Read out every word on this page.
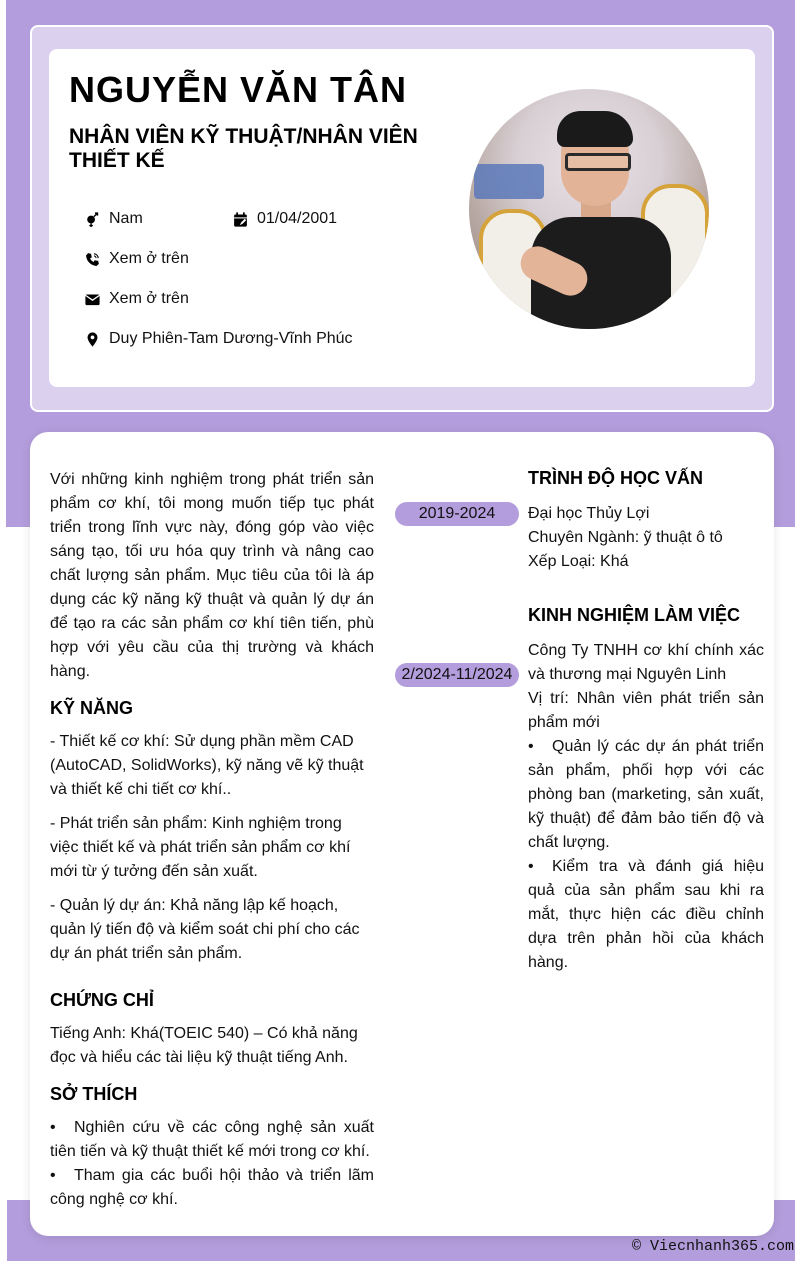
NGUYỄN VĂN TÂN
NHÂN VIÊN KỸ THUẬT/NHÂN VIÊN THIẾT KẾ
Nam	01/04/2001
Xem ở trên
Xem ở trên
Duy Phiên-Tam Dương-Vĩnh Phúc

Với những kinh nghiệm trong phát triển sản phẩm cơ khí, tôi mong muốn tiếp tục phát triển trong lĩnh vực này, đóng góp vào việc sáng tạo, tối ưu hóa quy trình và nâng cao chất lượng sản phẩm. Mục tiêu của tôi là áp dụng các kỹ năng kỹ thuật và quản lý dự án để tạo ra các sản phẩm cơ khí tiên tiến, phù hợp với yêu cầu của thị trường và khách hàng.

KỸ NĂNG

- Thiết kế cơ khí: Sử dụng phần mềm CAD (AutoCAD, SolidWorks), kỹ năng vẽ kỹ thuật và thiết kế chi tiết cơ khí..

- Phát triển sản phẩm: Kinh nghiệm trong việc thiết kế và phát triển sản phẩm cơ khí mới từ ý tưởng đến sản xuất.

- Quản lý dự án: Khả năng lập kế hoạch, quản lý tiến độ và kiểm soát chi phí cho các dự án phát triển sản phẩm.

CHỨNG CHỈ

Tiếng Anh: Khá(TOEIC 540) – Có khả năng đọc và hiểu các tài liệu kỹ thuật tiếng Anh.

SỞ THÍCH
• Nghiên cứu về các công nghệ sản xuất tiên tiến và kỹ thuật thiết kế mới trong cơ khí.
• Tham gia các buổi hội thảo và triển lãm công nghệ cơ khí.
2019-2024
2/2024-11/2024
TRÌNH ĐỘ HỌC VẤN
Đại học Thủy Lợi
Chuyên Ngành: ỹ thuật ô tô
Xếp Loại: Khá
KINH NGHIỆM LÀM VIỆC
Công Ty TNHH cơ khí chính xác và thương mại Nguyên Linh
Vị trí: Nhân viên phát triển sản phẩm mới
• Quản lý các dự án phát triển sản phẩm, phối hợp với các phòng ban (marketing, sản xuất, kỹ thuật) để đảm bảo tiến độ và chất lượng.
• Kiểm tra và đánh giá hiệu quả của sản phẩm sau khi ra mắt, thực hiện các điều chỉnh dựa trên phản hồi của khách hàng.
© Viecnhanh365.com
